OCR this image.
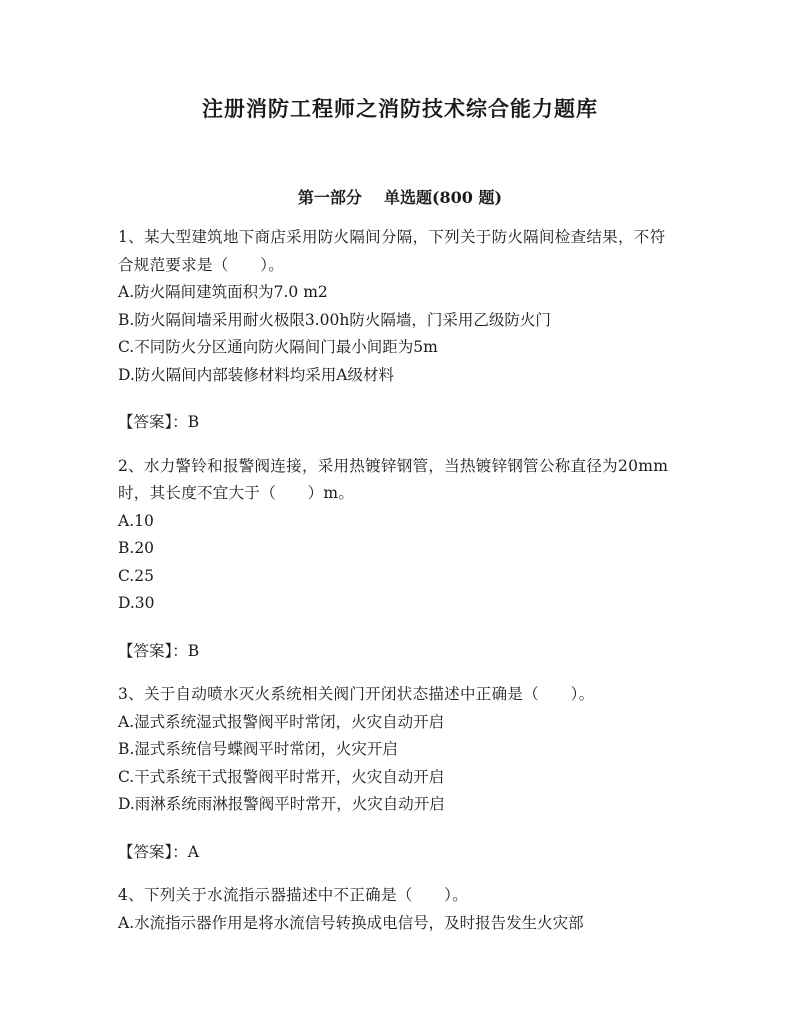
注册消防工程师之消防技术综合能力题库
第一部分 单选题(800 题)

1、某大型建筑地下商店采用防火隔间分隔，下列关于防火隔间检查结果，不符合规范要求是（　　）。

A.防火隔间建筑面积为7.0 m2

B.防火隔间墙采用耐火极限3.00h防火隔墙，门采用乙级防火门

C.不同防火分区通向防火隔间门最小间距为5m

D.防火隔间内部装修材料均采用A级材料

【答案】：B

2、水力警铃和报警阀连接，采用热镀锌钢管，当热镀锌钢管公称直径为20mm时，其长度不宜大于（　　）m。

A.10

B.20

C.25

D.30

【答案】：B

3、关于自动喷水灭火系统相关阀门开闭状态描述中正确是（　　）。

A.湿式系统湿式报警阀平时常闭，火灾自动开启

B.湿式系统信号蝶阀平时常闭，火灾开启

C.干式系统干式报警阀平时常开，火灾自动开启

D.雨淋系统雨淋报警阀平时常开，火灾自动开启

【答案】：A

4、下列关于水流指示器描述中不正确是（　　）。

A.水流指示器作用是将水流信号转换成电信号，及时报告发生火灾部
